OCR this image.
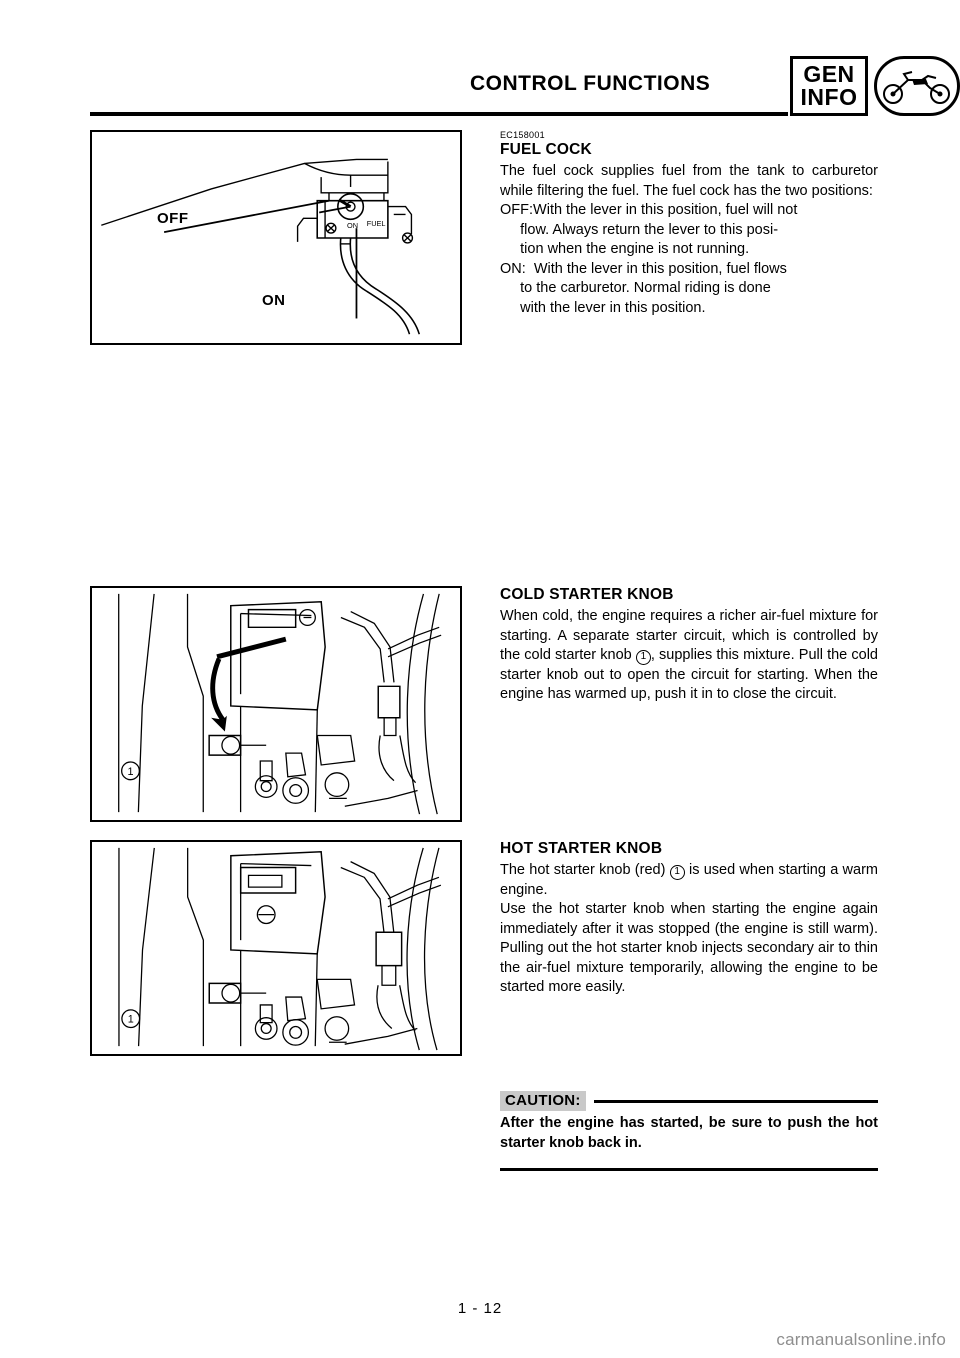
CONTROL FUNCTIONS	GEN
INFO
ON FUEL
OFF
ON
1
1

EC158001

FUEL COCK

The fuel cock supplies fuel from the tank to carburetor while filtering the fuel. The fuel cock has the two positions:

OFF: With the lever in this position, fuel will not

flow. Always return the lever to this posi-

tion when the engine is not running.
ON: With the lever in this position, fuel flows

to the carburetor. Normal riding is done

with the lever in this position.
COLD STARTER KNOB

When cold, the engine requires a richer air-fuel mixture for starting. A separate starter circuit, which is controlled by the cold starter knob 1 , supplies this mixture. Pull the cold starter knob out to open the circuit for starting. When the engine has warmed up, push it in to close the circuit.

HOT STARTER KNOB

The hot starter knob (red) 1 is used when starting a warm engine.

Use the hot starter knob when starting the engine again immediately after it was stopped (the engine is still warm). Pulling out the hot starter knob injects secondary air to thin the air-fuel mixture temporarily, allowing the engine to be started more easily.

CAUTION:

After the engine has started, be sure to push the hot starter knob back in.

1 - 12
carmanualsonline.info
